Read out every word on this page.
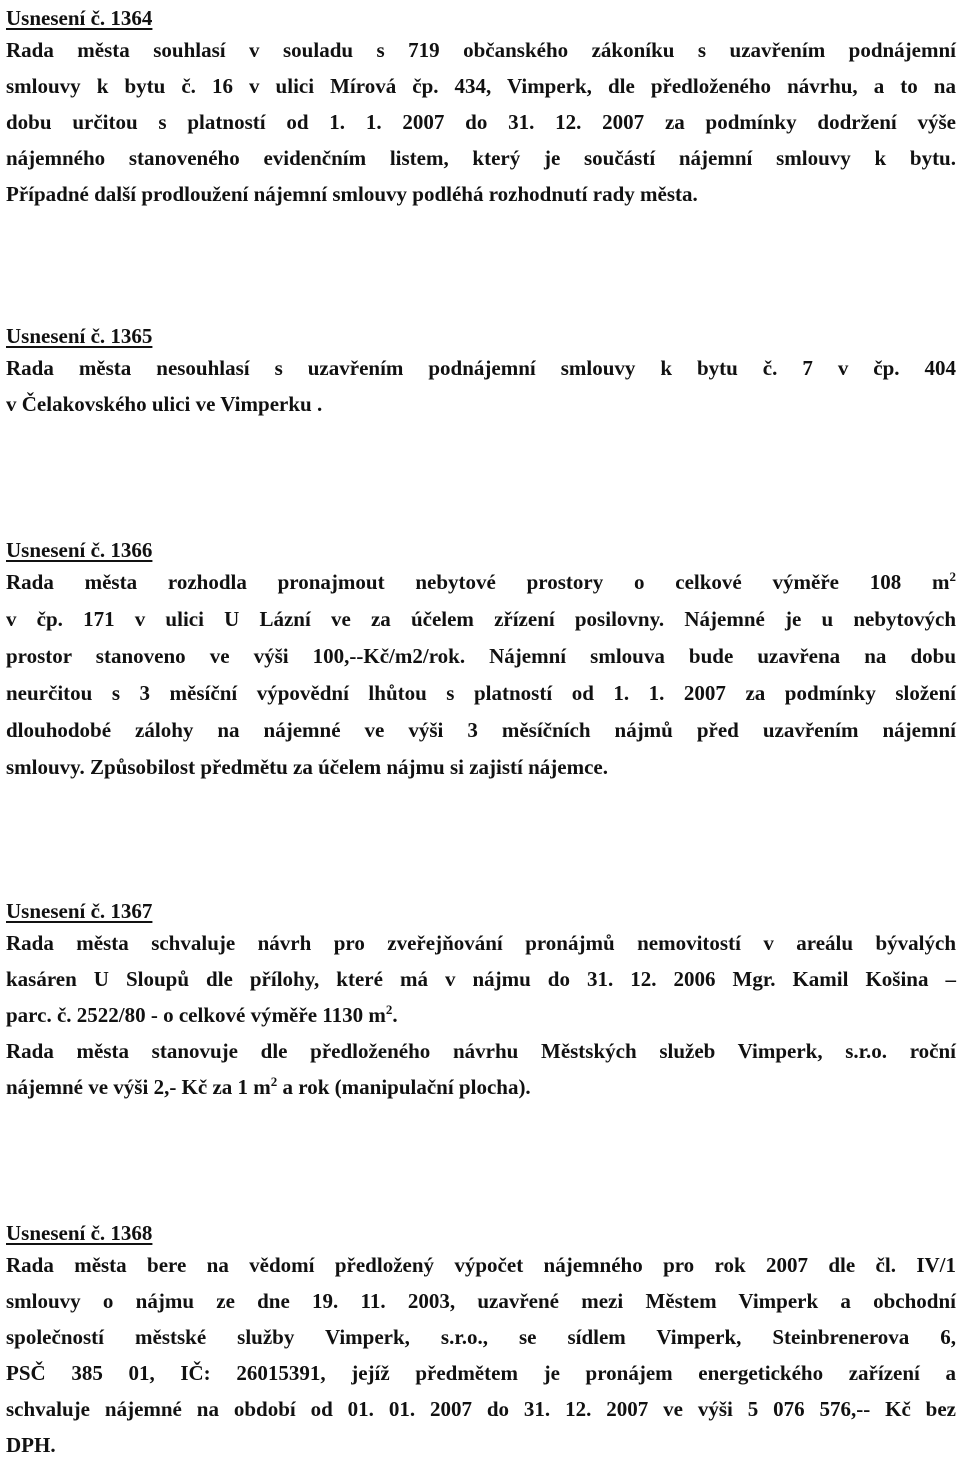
Usnesení č. 1364
Rada města souhlasí v souladu s 719 občanského zákoníku s uzavřením podnájemní
smlouvy k bytu č. 16 v ulici Mírová čp. 434, Vimperk, dle předloženého návrhu, a to na
dobu určitou s platností od 1. 1. 2007 do 31. 12. 2007 za podmínky dodržení výše
nájemného stanoveného evidenčním listem, který je součástí nájemní smlouvy k bytu.
Případné další prodloužení nájemní smlouvy podléhá rozhodnutí rady města.
Usnesení č. 1365
Rada města nesouhlasí s uzavřením podnájemní smlouvy k bytu č. 7 v čp. 404
v Čelakovského ulici ve Vimperku .
Usnesení č. 1366
Rada města rozhodla pronajmout nebytové prostory o celkové výměře 108 $m^2$
v čp. 171 v ulici U Lázní ve za účelem zřízení posilovny. Nájemné je u nebytových
prostor stanoveno ve výši 100,--Kč/m2/rok. Nájemní smlouva bude uzavřena na dobu
neurčitou s 3 měsíční výpovědní lhůtou s platností od 1. 1. 2007 za podmínky složení
dlouhodobé zálohy na nájemné ve výši 3 měsíčních nájmů před uzavřením nájemní
smlouvy. Způsobilost předmětu za účelem nájmu si zajistí nájemce.
Usnesení č. 1367
Rada města schvaluje návrh pro zveřejňování pronájmů nemovitostí v areálu bývalých
kasáren U Sloupů dle přílohy, které má v nájmu do 31. 12. 2006 Mgr. Kamil Košina –
parc. č. 2522/80 - o celkové výměře 1130 $m^2$.
Rada města stanovuje dle předloženého návrhu Městských služeb Vimperk, s.r.o. roční
nájemné ve výši 2,- Kč za 1 $m^2$ a rok (manipulační plocha).
Usnesení č. 1368
Rada města bere na vědomí předložený výpočet nájemného pro rok 2007 dle čl. IV/1
smlouvy o nájmu ze dne 19. 11. 2003, uzavřené mezi Městem Vimperk a obchodní
společností městské služby Vimperk, s.r.o., se sídlem Vimperk, Steinbrenerova 6,
PSČ 385 01, IČ: 26015391, jejíž předmětem je pronájem energetického zařízení a
schvaluje nájemné na období od 01. 01. 2007 do 31. 12. 2007 ve výši 5 076 576,-- Kč bez
DPH.
